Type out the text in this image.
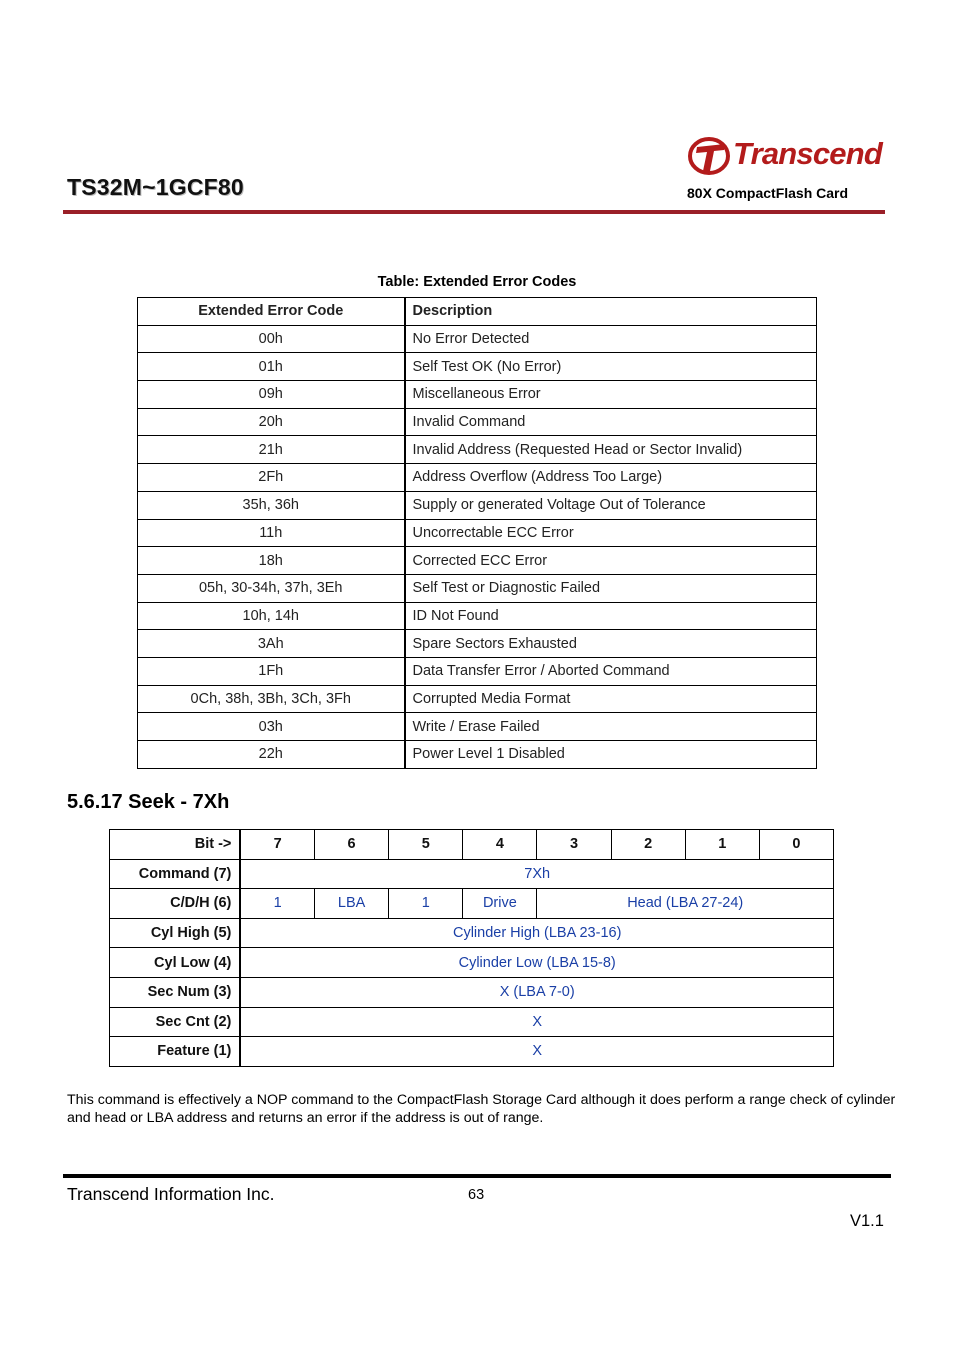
TS32M~1GCF80
Transcend
80X CompactFlash Card
Table: Extended Error Codes
Extended Error Code	Description
00h	No Error Detected
01h	Self Test OK (No Error)
09h	Miscellaneous Error
20h	Invalid Command
21h	Invalid Address (Requested Head or Sector Invalid)
2Fh	Address Overflow (Address Too Large)
35h, 36h	Supply or generated Voltage Out of Tolerance
11h	Uncorrectable ECC Error
18h	Corrected ECC Error
05h, 30-34h, 37h, 3Eh	Self Test or Diagnostic Failed
10h, 14h	ID Not Found
3Ah	Spare Sectors Exhausted
1Fh	Data Transfer Error / Aborted Command
0Ch, 38h, 3Bh, 3Ch, 3Fh	Corrupted Media Format
03h	Write / Erase Failed
22h	Power Level 1 Disabled
5.6.17 Seek - 7Xh
Bit ->	7	6	5	4	3	2	1	0
Command (7)	7Xh							
C/D/H (6)	1	LBA	1	Drive	Head (LBA 27-24)			
Cyl High (5)	Cylinder High (LBA 23-16)							
Cyl Low (4)	Cylinder Low (LBA 15-8)							
Sec Num (3)	X (LBA 7-0)							
Sec Cnt (2)	X							
Feature (1)	X							
This command is effectively a NOP command to the CompactFlash Storage Card although it does perform a range check of cylinder and head or LBA address and returns an error if the address is out of range.
Transcend Information Inc.	63
V1.1
